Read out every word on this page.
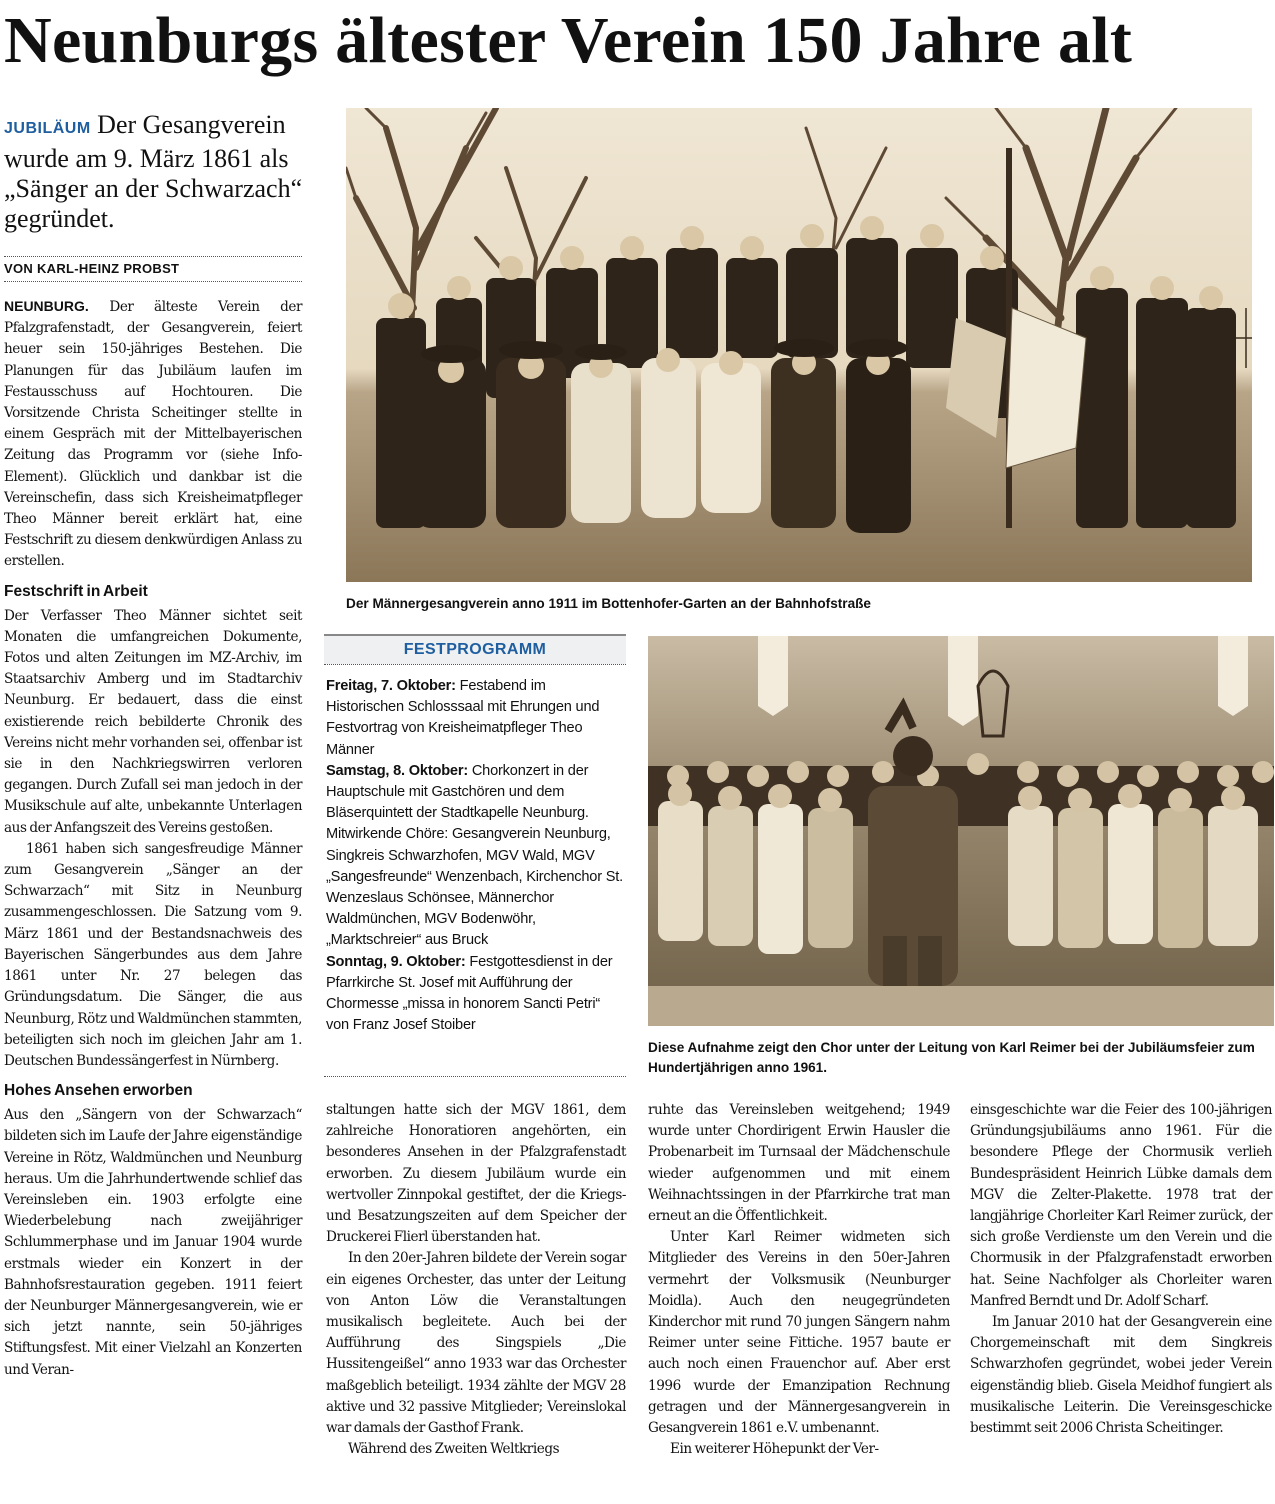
Neunburgs ältester Verein 150 Jahre alt
JUBILÄUM Der Gesangverein wurde am 9. März 1861 als „Sänger an der Schwarzach“ gegründet.
VON KARL-HEINZ PROBST

NEUNBURG. Der älteste Verein der Pfalzgrafenstadt, der Gesangverein, feiert heuer sein 150-jähriges Bestehen. Die Planungen für das Jubiläum laufen im Festausschuss auf Hochtouren. Die Vorsitzende Christa Scheitinger stellte in einem Gespräch mit der Mittelbayerischen Zeitung das Programm vor (siehe Info-Element). Glücklich und dankbar ist die Vereinschefin, dass sich Kreisheimatpfleger Theo Männer bereit erklärt hat, eine Festschrift zu diesem denkwürdigen Anlass zu erstellen.

Festschrift in Arbeit

Der Verfasser Theo Männer sichtet seit Monaten die umfangreichen Dokumente, Fotos und alten Zeitungen im MZ-Archiv, im Staatsarchiv Amberg und im Stadtarchiv Neunburg. Er bedauert, dass die einst existierende reich bebilderte Chronik des Vereins nicht mehr vorhanden sei, offenbar ist sie in den Nachkriegswirren verloren gegangen. Durch Zufall sei man jedoch in der Musikschule auf alte, unbekannte Unterlagen aus der Anfangszeit des Vereins gestoßen.

1861 haben sich sangesfreudige Männer zum Gesangverein „Sänger an der Schwarzach“ mit Sitz in Neunburg zusammengeschlossen. Die Satzung vom 9. März 1861 und der Bestandsnachweis des Bayerischen Sängerbundes aus dem Jahre 1861 unter Nr. 27 belegen das Gründungsdatum. Die Sänger, die aus Neunburg, Rötz und Waldmünchen stammten, beteiligten sich noch im gleichen Jahr am 1. Deutschen Bundessängerfest in Nürnberg.

Hohes Ansehen erworben

Aus den „Sängern von der Schwarzach“ bildeten sich im Laufe der Jahre eigenständige Vereine in Rötz, Waldmünchen und Neunburg heraus. Um die Jahrhundertwende schlief das Vereinsleben ein. 1903 erfolgte eine Wiederbelebung nach zweijähriger Schlummerphase und im Januar 1904 wurde erstmals wieder ein Konzert in der Bahnhofsrestauration gegeben. 1911 feiert der Neunburger Männergesangverein, wie er sich jetzt nannte, sein 50-jähriges Stiftungsfest. Mit einer Vielzahl an Konzerten und Veran-

Der Männergesangverein anno 1911 im Bottenhofer-Garten an der Bahnhofstraße
FESTPROGRAMM

Freitag, 7. Oktober: Festabend im Historischen Schlosssaal mit Ehrungen und Festvortrag von Kreisheimatpfleger Theo Männer

Samstag, 8. Oktober: Chorkonzert in der Hauptschule mit Gastchören und dem Bläserquintett der Stadtkapelle Neunburg. Mitwirkende Chöre: Gesangverein Neunburg, Singkreis Schwarzhofen, MGV Wald, MGV „Sangesfreunde“ Wenzenbach, Kirchenchor St. Wenzeslaus Schönsee, Männerchor Waldmünchen, MGV Bodenwöhr, „Marktschreier“ aus Bruck

Sonntag, 9. Oktober: Festgottesdienst in der Pfarrkirche St. Josef mit Aufführung der Chormesse „missa in honorem Sancti Petri“ von Franz Josef Stoiber

Diese Aufnahme zeigt den Chor unter der Leitung von Karl Reimer bei der Jubiläumsfeier zum Hundertjährigen anno 1961.

staltungen hatte sich der MGV 1861, dem zahlreiche Honoratioren angehörten, ein besonderes Ansehen in der Pfalzgrafenstadt erworben. Zu diesem Jubiläum wurde ein wertvoller Zinnpokal gestiftet, der die Kriegs- und Besatzungszeiten auf dem Speicher der Druckerei Flierl überstanden hat.

In den 20er-Jahren bildete der Verein sogar ein eigenes Orchester, das unter der Leitung von Anton Löw die Veranstaltungen musikalisch begleitete. Auch bei der Aufführung des Singspiels „Die Hussitengeißel“ anno 1933 war das Orchester maßgeblich beteiligt. 1934 zählte der MGV 28 aktive und 32 passive Mitglieder; Vereinslokal war damals der Gasthof Frank.

Während des Zweiten Weltkriegs

ruhte das Vereinsleben weitgehend; 1949 wurde unter Chordirigent Erwin Hausler die Probenarbeit im Turnsaal der Mädchenschule wieder aufgenommen und mit einem Weihnachtssingen in der Pfarrkirche trat man erneut an die Öffentlichkeit.

Unter Karl Reimer widmeten sich Mitglieder des Vereins in den 50er-Jahren vermehrt der Volksmusik (Neunburger Moidla). Auch den neugegründeten Kinderchor mit rund 70 jungen Sängern nahm Reimer unter seine Fittiche. 1957 baute er auch noch einen Frauenchor auf. Aber erst 1996 wurde der Emanzipation Rechnung getragen und der Männergesangverein in Gesangverein 1861 e.V. umbenannt.

Ein weiterer Höhepunkt der Ver-

einsgeschichte war die Feier des 100-jährigen Gründungsjubiläums anno 1961. Für die besondere Pflege der Chormusik verlieh Bundespräsident Heinrich Lübke damals dem MGV die Zelter-Plakette. 1978 trat der langjährige Chorleiter Karl Reimer zurück, der sich große Verdienste um den Verein und die Chormusik in der Pfalzgrafenstadt erworben hat. Seine Nachfolger als Chorleiter waren Manfred Berndt und Dr. Adolf Scharf.

Im Januar 2010 hat der Gesangverein eine Chorgemeinschaft mit dem Singkreis Schwarzhofen gegründet, wobei jeder Verein eigenständig blieb. Gisela Meidhof fungiert als musikalische Leiterin. Die Vereinsgeschicke bestimmt seit 2006 Christa Scheitinger.
